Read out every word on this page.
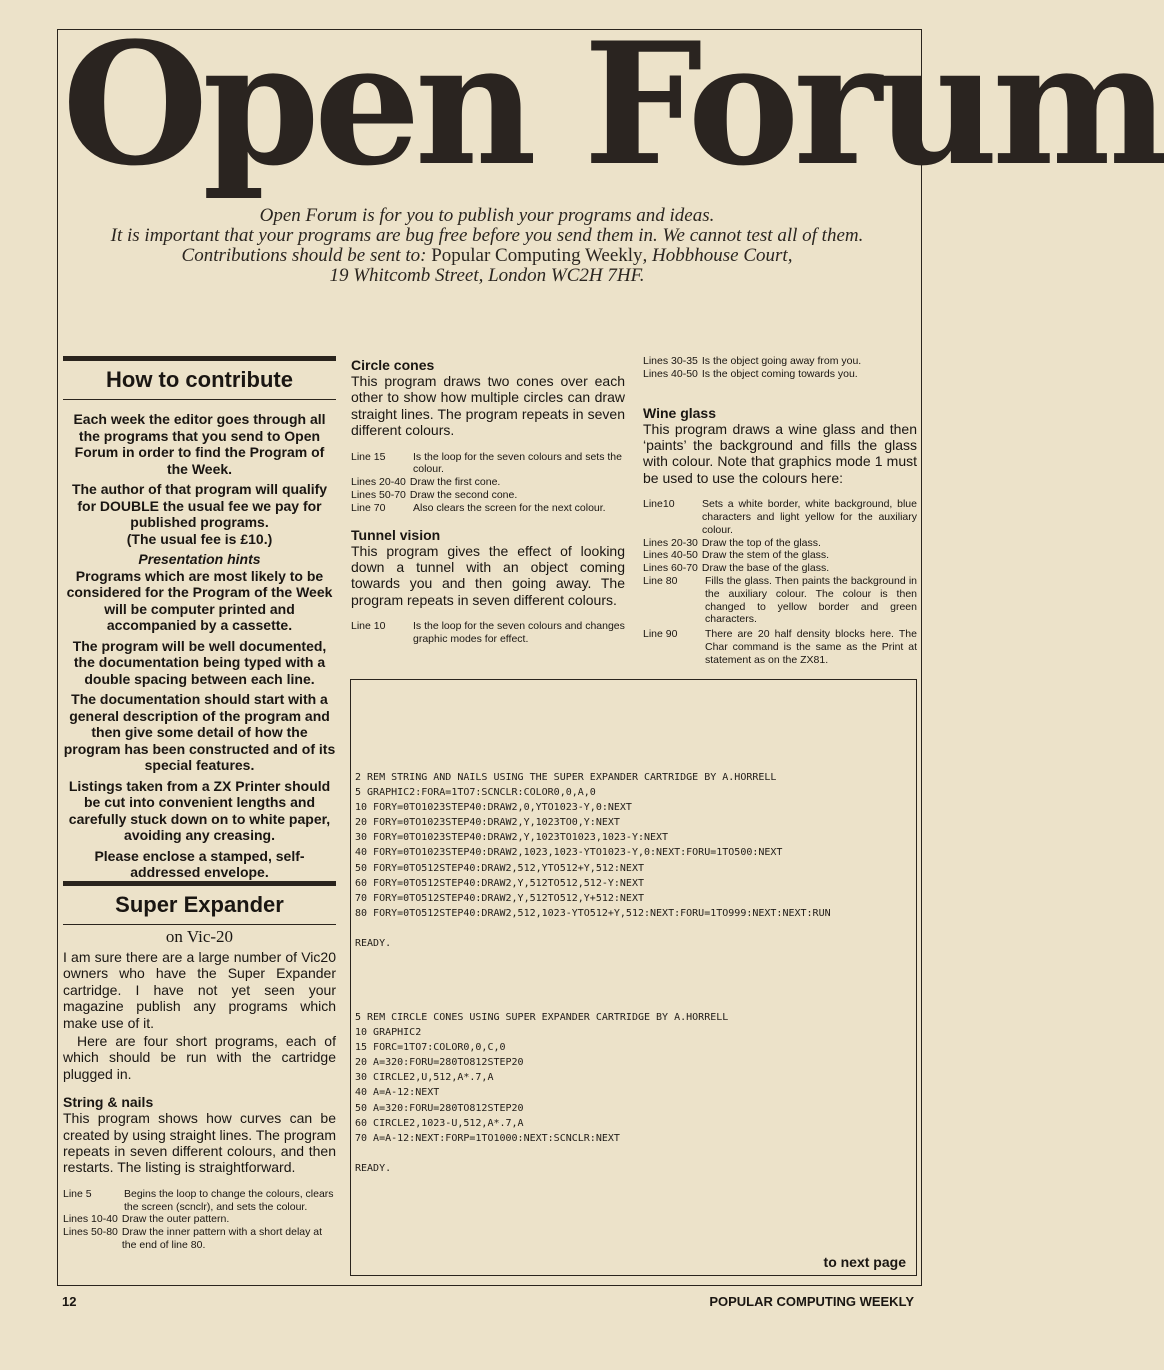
Open Forum
Open Forum is for you to publish your programs and ideas.
It is important that your programs are bug free before you send them in. We cannot test all of them.
Contributions should be sent to: Popular Computing Weekly, Hobbhouse Court,
19 Whitcomb Street, London WC2H 7HF.
How to contribute

Each week the editor goes through all the programs that you send to Open Forum in order to find the Program of the Week.

The author of that program will qualify for DOUBLE the usual fee we pay for published programs.

(The usual fee is £10.)

Presentation hints

Programs which are most likely to be considered for the Program of the Week will be computer printed and accompanied by a cassette.

The program will be well documented, the documentation being typed with a double spacing between each line.

The documentation should start with a general description of the program and then give some detail of how the program has been constructed and of its special features.

Listings taken from a ZX Printer should be cut into convenient lengths and carefully stuck down on to white paper, avoiding any creasing.

Please enclose a stamped, self-addressed envelope.

Super Expander
on Vic-20

I am sure there are a large number of Vic20 owners who have the Super Expander cartridge. I have not yet seen your magazine publish any programs which make use of it.

Here are four short programs, each of which should be run with the cartridge plugged in.

String & nails

This program shows how curves can be created by using straight lines. The program repeats in seven different colours, and then restarts. The listing is straightforward.

Line 5	Begins the loop to change the colours, clears the screen (scnclr), and sets the colour.
Lines 10-40 Draw the outer pattern.
Lines 50-80 Draw the inner pattern with a short delay at the end of line 80.
Circle cones

This program draws two cones over each other to show how multiple circles can draw straight lines. The program repeats in seven different colours.

Line 15	Is the loop for the seven colours and sets the colour.
Lines 20-40 Draw the first cone.
Lines 50-70 Draw the second cone.
Line 70	Also clears the screen for the next colour.
Tunnel vision

This program gives the effect of looking down a tunnel with an object coming towards you and then going away. The program repeats in seven different colours.

Line 10	Is the loop for the seven colours and changes graphic modes for effect.
Lines 30-35 Is the object going away from you.
Lines 40-50 Is the object coming towards you.
Wine glass

This program draws a wine glass and then ‘paints’ the background and fills the glass with colour. Note that graphics mode 1 must be used to use the colours here:

Line10	Sets a white border, white background, blue characters and light yellow for the auxiliary colour.
Lines 20-30 Draw the top of the glass.
Lines 40-50 Draw the stem of the glass.
Lines 60-70 Draw the base of the glass.
Line 80	Fills the glass. Then paints the background in the auxiliary colour. The colour is then changed to yellow border and green characters.
Line 90	There are 20 half density blocks here. The Char command is the same as the Print at statement as on the ZX81.
2 REM STRING AND NAILS USING THE SUPER EXPANDER CARTRIDGE BY A.HORRELL
5 GRAPHIC2:FORA=1TO7:SCNCLR:COLOR0,0,A,0
10 FORY=0TO1023STEP40:DRAW2,0,YTO1023-Y,0:NEXT
20 FORY=0TO1023STEP40:DRAW2,Y,1023TO0,Y:NEXT
30 FORY=0TO1023STEP40:DRAW2,Y,1023TO1023,1023-Y:NEXT
40 FORY=0TO1023STEP40:DRAW2,1023,1023-YTO1023-Y,0:NEXT:FORU=1TO500:NEXT
50 FORY=0TO512STEP40:DRAW2,512,YTO512+Y,512:NEXT
60 FORY=0TO512STEP40:DRAW2,Y,512TO512,512-Y:NEXT
70 FORY=0TO512STEP40:DRAW2,Y,512TO512,Y+512:NEXT
80 FORY=0TO512STEP40:DRAW2,512,1023-YTO512+Y,512:NEXT:FORU=1TO999:NEXT:NEXT:RUN

READY.
5 REM CIRCLE CONES USING SUPER EXPANDER CARTRIDGE BY A.HORRELL
10 GRAPHIC2
15 FORC=1TO7:COLOR0,0,C,0
20 A=320:FORU=280TO812STEP20
30 CIRCLE2,U,512,A*.7,A
40 A=A-12:NEXT
50 A=320:FORU=280TO812STEP20
60 CIRCLE2,1023-U,512,A*.7,A
70 A=A-12:NEXT:FORP=1TO1000:NEXT:SCNCLR:NEXT

READY.
to next page
12	POPULAR COMPUTING WEEKLY
